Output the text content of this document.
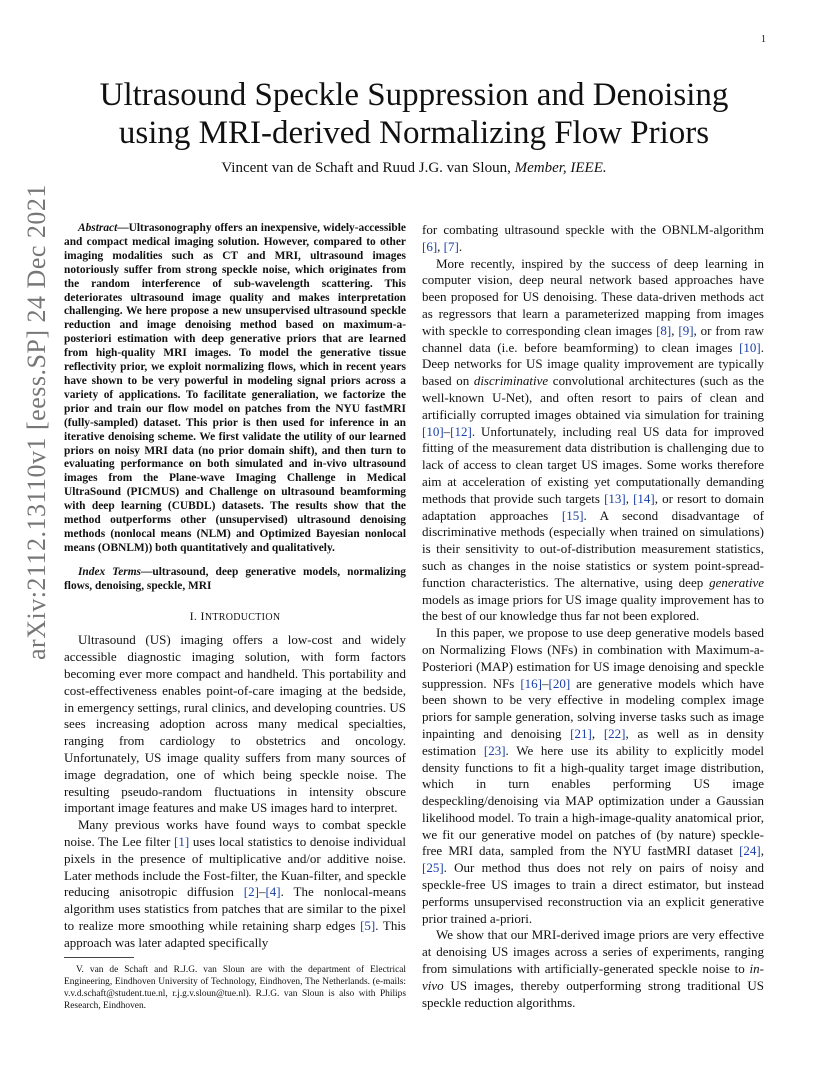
1
arXiv:2112.13110v1 [eess.SP] 24 Dec 2021
Ultrasound Speckle Suppression and Denoising using MRI-derived Normalizing Flow Priors
Vincent van de Schaft and Ruud J.G. van Sloun, Member, IEEE.

Abstract—Ultrasonography offers an inexpensive, widely-accessible and compact medical imaging solution. However, compared to other imaging modalities such as CT and MRI, ultrasound images notoriously suffer from strong speckle noise, which originates from the random interference of sub-wavelength scattering. This deteriorates ultrasound image quality and makes interpretation challenging. We here propose a new unsupervised ultrasound speckle reduction and image denoising method based on maximum-a-posteriori estimation with deep generative priors that are learned from high-quality MRI images. To model the generative tissue reflectivity prior, we exploit normalizing flows, which in recent years have shown to be very powerful in modeling signal priors across a variety of applications. To facilitate generaliation, we factorize the prior and train our flow model on patches from the NYU fastMRI (fully-sampled) dataset. This prior is then used for inference in an iterative denoising scheme. We first validate the utility of our learned priors on noisy MRI data (no prior domain shift), and then turn to evaluating performance on both simulated and in-vivo ultrasound images from the Plane-wave Imaging Challenge in Medical UltraSound (PICMUS) and Challenge on ultrasound beamforming with deep learning (CUBDL) datasets. The results show that the method outperforms other (unsupervised) ultrasound denoising methods (nonlocal means (NLM) and Optimized Bayesian nonlocal means (OBNLM)) both quantitatively and qualitatively.

Index Terms—ultrasound, deep generative models, normalizing flows, denoising, speckle, MRI

I. INTRODUCTION

Ultrasound (US) imaging offers a low-cost and widely accessible diagnostic imaging solution, with form factors becoming ever more compact and handheld. This portability and cost-effectiveness enables point-of-care imaging at the bedside, in emergency settings, rural clinics, and developing countries. US sees increasing adoption across many medical specialties, ranging from cardiology to obstetrics and oncology. Unfortunately, US image quality suffers from many sources of image degradation, one of which being speckle noise. The resulting pseudo-random fluctuations in intensity obscure important image features and make US images hard to interpret.

Many previous works have found ways to combat speckle noise. The Lee filter [1] uses local statistics to denoise individual pixels in the presence of multiplicative and/or additive noise. Later methods include the Fost-filter, the Kuan-filter, and speckle reducing anisotropic diffusion [2]–[4]. The nonlocal-means algorithm uses statistics from patches that are similar to the pixel to realize more smoothing while retaining sharp edges [5]. This approach was later adapted specifically

V. van de Schaft and R.J.G. van Sloun are with the department of Electrical Engineering, Eindhoven University of Technology, Eindhoven, The Netherlands. (e-mails: v.v.d.schaft@student.tue.nl, r.j.g.v.sloun@tue.nl). R.J.G. van Sloun is also with Philips Research, Eindhoven.

for combating ultrasound speckle with the OBNLM-algorithm [6], [7].

More recently, inspired by the success of deep learning in computer vision, deep neural network based approaches have been proposed for US denoising. These data-driven methods act as regressors that learn a parameterized mapping from images with speckle to corresponding clean images [8], [9], or from raw channel data (i.e. before beamforming) to clean images [10]. Deep networks for US image quality improvement are typically based on discriminative convolutional architectures (such as the well-known U-Net), and often resort to pairs of clean and artificially corrupted images obtained via simulation for training [10]–[12]. Unfortunately, including real US data for improved fitting of the measurement data distribution is challenging due to lack of access to clean target US images. Some works therefore aim at acceleration of existing yet computationally demanding methods that provide such targets [13], [14], or resort to domain adaptation approaches [15]. A second disadvantage of discriminative methods (especially when trained on simulations) is their sensitivity to out-of-distribution measurement statistics, such as changes in the noise statistics or system point-spread-function characteristics. The alternative, using deep generative models as image priors for US image quality improvement has to the best of our knowledge thus far not been explored.

In this paper, we propose to use deep generative models based on Normalizing Flows (NFs) in combination with Maximum-a-Posteriori (MAP) estimation for US image denoising and speckle suppression. NFs [16]–[20] are generative models which have been shown to be very effective in modeling complex image priors for sample generation, solving inverse tasks such as image inpainting and denoising [21], [22], as well as in density estimation [23]. We here use its ability to explicitly model density functions to fit a high-quality target image distribution, which in turn enables performing US image despeckling/denoising via MAP optimization under a Gaussian likelihood model. To train a high-image-quality anatomical prior, we fit our generative model on patches of (by nature) speckle-free MRI data, sampled from the NYU fastMRI dataset [24], [25]. Our method thus does not rely on pairs of noisy and speckle-free US images to train a direct estimator, but instead performs unsupervised reconstruction via an explicit generative prior trained a-priori.

We show that our MRI-derived image priors are very effective at denoising US images across a series of experiments, ranging from simulations with artificially-generated speckle noise to in-vivo US images, thereby outperforming strong traditional US speckle reduction algorithms.
